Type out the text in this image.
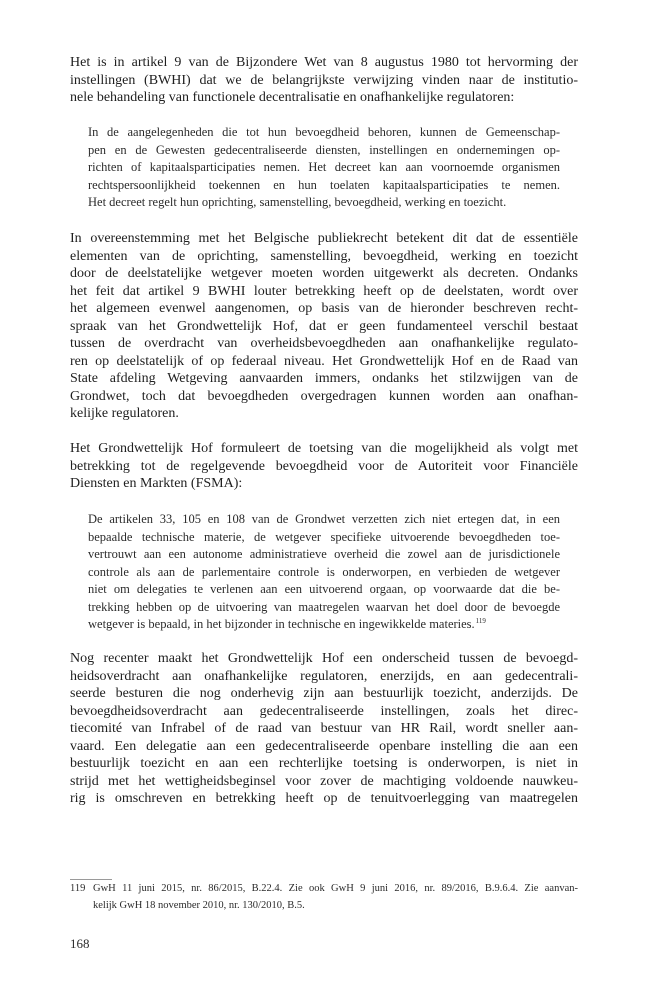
Het is in artikel 9 van de Bijzondere Wet van 8 augustus 1980 tot hervorming der
instellingen (BWHI) dat we de belangrijkste verwijzing vinden naar de institutio-
nele behandeling van functionele decentralisatie en onafhankelijke regulatoren:
In de aangelegenheden die tot hun bevoegdheid behoren, kunnen de Gemeenschap-
pen en de Gewesten gedecentraliseerde diensten, instellingen en ondernemingen op-
richten of kapitaalsparticipaties nemen. Het decreet kan aan voornoemde organismen
rechtspersoonlijkheid toekennen en hun toelaten kapitaalsparticipaties te nemen.
Het decreet regelt hun oprichting, samenstelling, bevoegdheid, werking en toezicht.
In overeenstemming met het Belgische publiekrecht betekent dit dat de essentiële
elementen van de oprichting, samenstelling, bevoegdheid, werking en toezicht
door de deelstatelijke wetgever moeten worden uitgewerkt als decreten. Ondanks
het feit dat artikel 9 BWHI louter betrekking heeft op de deelstaten, wordt over
het algemeen evenwel aangenomen, op basis van de hieronder beschreven recht-
spraak van het Grondwettelijk Hof, dat er geen fundamenteel verschil bestaat
tussen de overdracht van overheidsbevoegdheden aan onafhankelijke regulato-
ren op deelstatelijk of op federaal niveau. Het Grondwettelijk Hof en de Raad van
State afdeling Wetgeving aanvaarden immers, ondanks het stilzwijgen van de
Grondwet, toch dat bevoegdheden overgedragen kunnen worden aan onafhan-
kelijke regulatoren.
Het Grondwettelijk Hof formuleert de toetsing van die mogelijkheid als volgt met
betrekking tot de regelgevende bevoegdheid voor de Autoriteit voor Financiële
Diensten en Markten (FSMA):
De artikelen 33, 105 en 108 van de Grondwet verzetten zich niet ertegen dat, in een
bepaalde technische materie, de wetgever specifieke uitvoerende bevoegdheden toe-
vertrouwt aan een autonome administratieve overheid die zowel aan de jurisdictionele
controle als aan de parlementaire controle is onderworpen, en verbieden de wetgever
niet om delegaties te verlenen aan een uitvoerend orgaan, op voorwaarde dat die be-
trekking hebben op de uitvoering van maatregelen waarvan het doel door de bevoegde
wetgever is bepaald, in het bijzonder in technische en ingewikkelde materies.$^{119}$
Nog recenter maakt het Grondwettelijk Hof een onderscheid tussen de bevoegd-
heidsoverdracht aan onafhankelijke regulatoren, enerzijds, en aan gedecentrali-
seerde besturen die nog onderhevig zijn aan bestuurlijk toezicht, anderzijds. De
bevoegdheidsoverdracht aan gedecentraliseerde instellingen, zoals het direc-
tiecomité van Infrabel of de raad van bestuur van HR Rail, wordt sneller aan-
vaard. Een delegatie aan een gedecentraliseerde openbare instelling die aan een
bestuurlijk toezicht en aan een rechterlijke toetsing is onderworpen, is niet in
strijd met het wettigheidsbeginsel voor zover de machtiging voldoende nauwkeu-
rig is omschreven en betrekking heeft op de tenuitvoerlegging van maatregelen
119 GwH 11 juni 2015, nr. 86/2015, B.22.4. Zie ook GwH 9 juni 2016, nr. 89/2016, B.9.6.4. Zie aanvan-
kelijk GwH 18 november 2010, nr. 130/2010, B.5.
168
